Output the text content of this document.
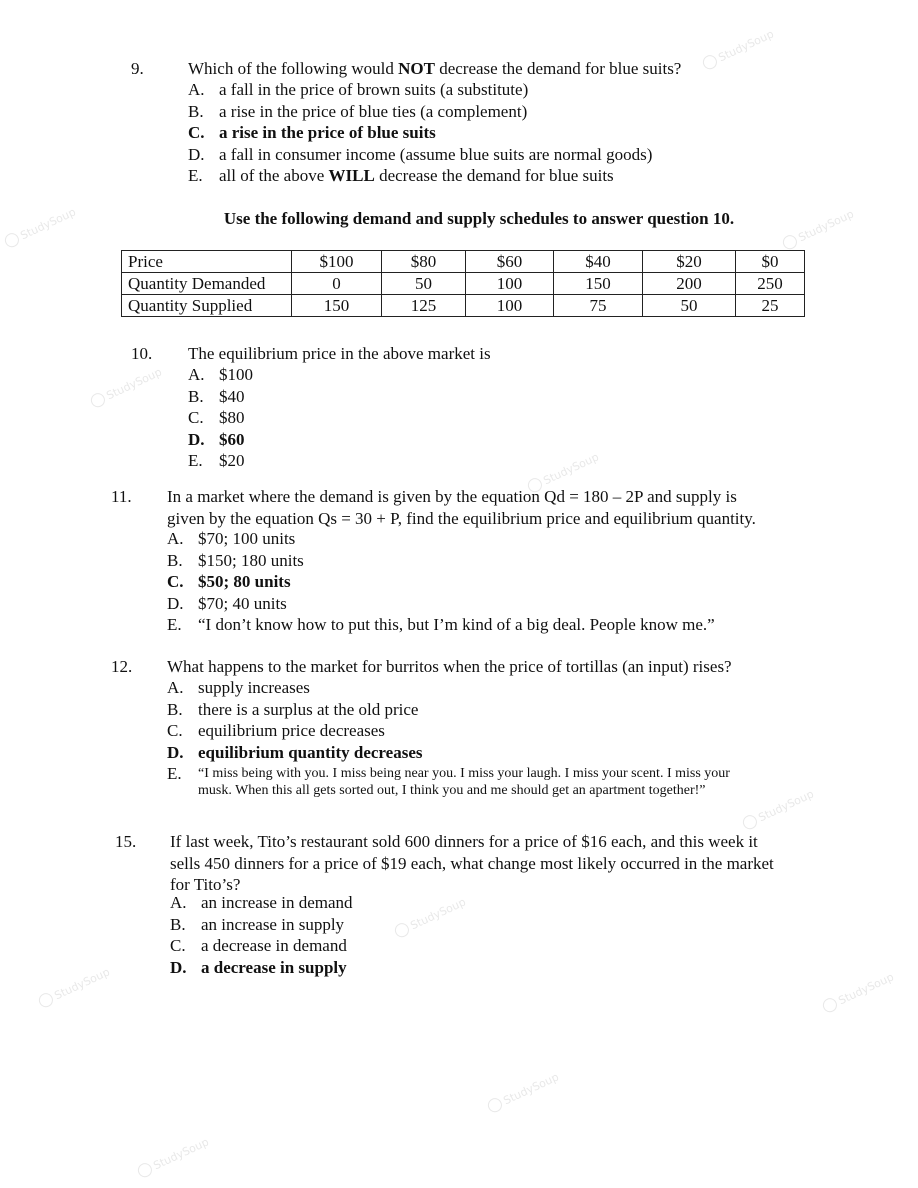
9.	Which of the following would NOT decrease the demand for blue suits?
A. a fall in the price of brown suits (a substitute)
B. a rise in the price of blue ties (a complement)
C. a rise in the price of blue suits
D. a fall in consumer income (assume blue suits are normal goods)
E. all of the above WILL decrease the demand for blue suits
Use the following demand and supply schedules to answer question 10.
Price	$100	$80	$60	$40	$20	$0
Quantity Demanded	0	50	100	150	200	250
Quantity Supplied	150	125	100	75	50	25
10. The equilibrium price in the above market is
A. $100
B. $40
C. $80
D. $60
E. $20
11. In a market where the demand is given by the equation Qd = 180 – 2P and supply is
given by the equation Qs = 30 + P, find the equilibrium price and equilibrium quantity.
A. $70; 100 units
B. $150; 180 units
C. $50; 80 units
D. $70; 40 units
E. “I don’t know how to put this, but I’m kind of a big deal. People know me.”
12. What happens to the market for burritos when the price of tortillas (an input) rises?
A. supply increases
B. there is a surplus at the old price
C. equilibrium price decreases
D. equilibrium quantity decreases
E.	“I miss being with you. I miss being near you. I miss your laugh. I miss your scent. I miss your musk. When this all gets sorted out, I think you and me should get an apartment together!”
15. If last week, Tito’s restaurant sold 600 dinners for a price of $16 each, and this week it
sells 450 dinners for a price of $19 each, what change most likely occurred in the market
for Tito’s?
A. an increase in demand
B. an increase in supply
C. a decrease in demand
D. a decrease in supply
StudySoup
StudySoup	StudySoup
StudySoup
StudySoup
StudySoup
StudySoup
StudySoup	StudySoup
StudySoup
StudySoup
